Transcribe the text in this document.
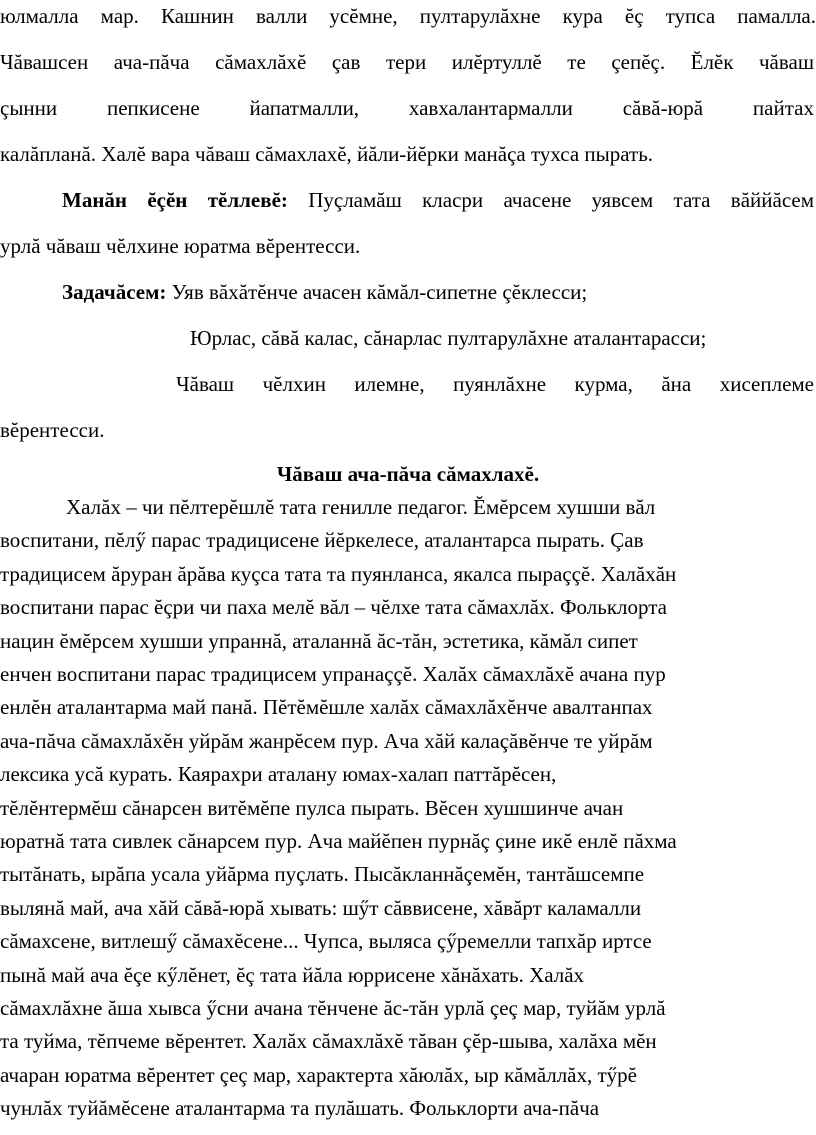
юлмалла мар. Кашнин валли усĕмне, пултарулăхне кура ĕç тупса памалла.
Чăвашсен ача-пăча сăмахлăхĕ çав тери илĕртуллĕ те çепĕç. Ĕлĕк чăваш
çынни пепкисене йапатмалли, хавхалантармалли сăвă-юрă пайтах
калăпланă. Халĕ вара чăваш сăмахлахĕ, йăли-йĕрки манăçа тухса пырать.
Манăн ĕçĕн тĕллевĕ: Пуçламăш класри ачасене уявсем тата вăййăсем
урлă чăваш чĕлхине юратма вĕрентесси.
Задачăсем: Уяв вăхăтĕнче ачасен кăмăл-сипетне çĕклесси;
Юрлас, сăвă калас, сăнарлас пултарулăхне аталантарасси;
Чăваш чĕлхин илемне, пуянлăхне курма, ăна хисеплеме
вĕрентесси.
Чăваш ача-пăча сăмахлахĕ.
Халăх – чи пĕлтерĕшлĕ тата генилле педагог. Ĕмĕрсем хушши вăл
воспитани, пĕлӳ парас традицисене йĕркелесе, аталантарса пырать. Çав
традицисем ăруран ăрăва куçса тата та пуянланса, якалса пыраççĕ. Халăхăн
воспитани парас ĕçри чи паха мелĕ вăл – чĕлхе тата сăмахлăх. Фольклорта
нацин ĕмĕрсем хушши упраннă, аталаннă ăс-тăн, эстетика, кăмăл сипет
енчен воспитани парас традицисем упранаççĕ. Халăх сăмахлăхĕ ачана пур
енлĕн аталантарма май панă. Пĕтĕмĕшле халăх сăмахлăхĕнче авалтанпах
ача-пăча сăмахлăхĕн уйрăм жанрĕсем пур. Ача хăй калаçăвĕнче те уйрăм
лексика усă курать. Каярахри аталану юмах-халап паттăрĕсен,
тĕлĕнтермĕш сăнарсен витĕмĕпе пулса пырать. Вĕсен хушшинче ачан
юратнă тата сивлек сăнарсем пур. Ача майĕпен пурнăç çине икĕ енлĕ пăхма
тытăнать, ырăпа усала уйăрма пуçлать. Пысăкланнăçемĕн, тантăшсемпе
вылянă май, ача хăй сăвă-юрă хывать: шӳт сăввисене, хăвăрт каламалли
сăмахсене, витлешӳ сăмахĕсене... Чупса, выляса çӳремелли тапхăр иртсе
пынă май ача ĕçе кӳлĕнет, ĕç тата йăла юррисене хăнăхать. Халăх
сăмахлăхне ăша хывса ӳсни ачана тĕнчене ăс-тăн урлă çеç мар, туйăм урлă
та туйма, тĕпчеме вĕрентет. Халăх сăмахлăхĕ тăван çĕр-шыва, халăха мĕн
ачаран юратма вĕрентет çеç мар, характерта хăюлăх, ыр кăмăллăх, тӳрĕ
чунлăх туйăмĕсене аталантарма та пулăшать. Фольклорти ача-пăча
